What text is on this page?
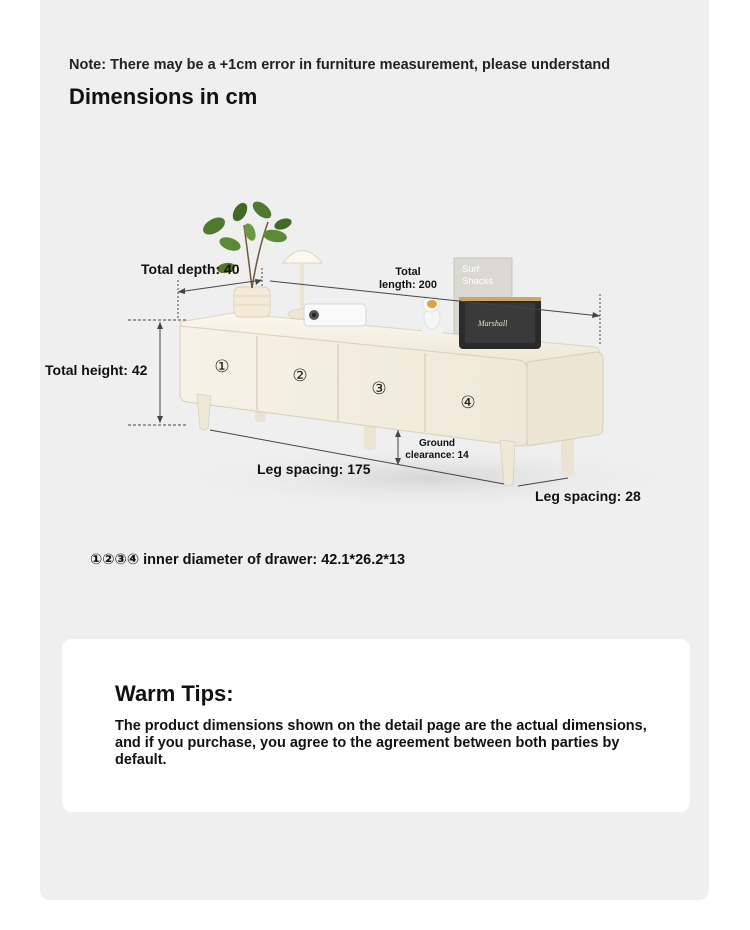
Note: There may be a +1cm error in furniture measurement, please understand
Dimensions in cm
Surf
Shacks
Marshall
①	②
③
④
Total depth: 40	Total
length: 200
Total height: 42
Leg spacing: 175
Leg spacing: 28
Ground
clearance: 14
①②③④ inner diameter of drawer: 42.1*26.2*13
Warm Tips:
The product dimensions shown on the detail page are the actual dimensions, and if you purchase, you agree to the agreement between both parties by default.
